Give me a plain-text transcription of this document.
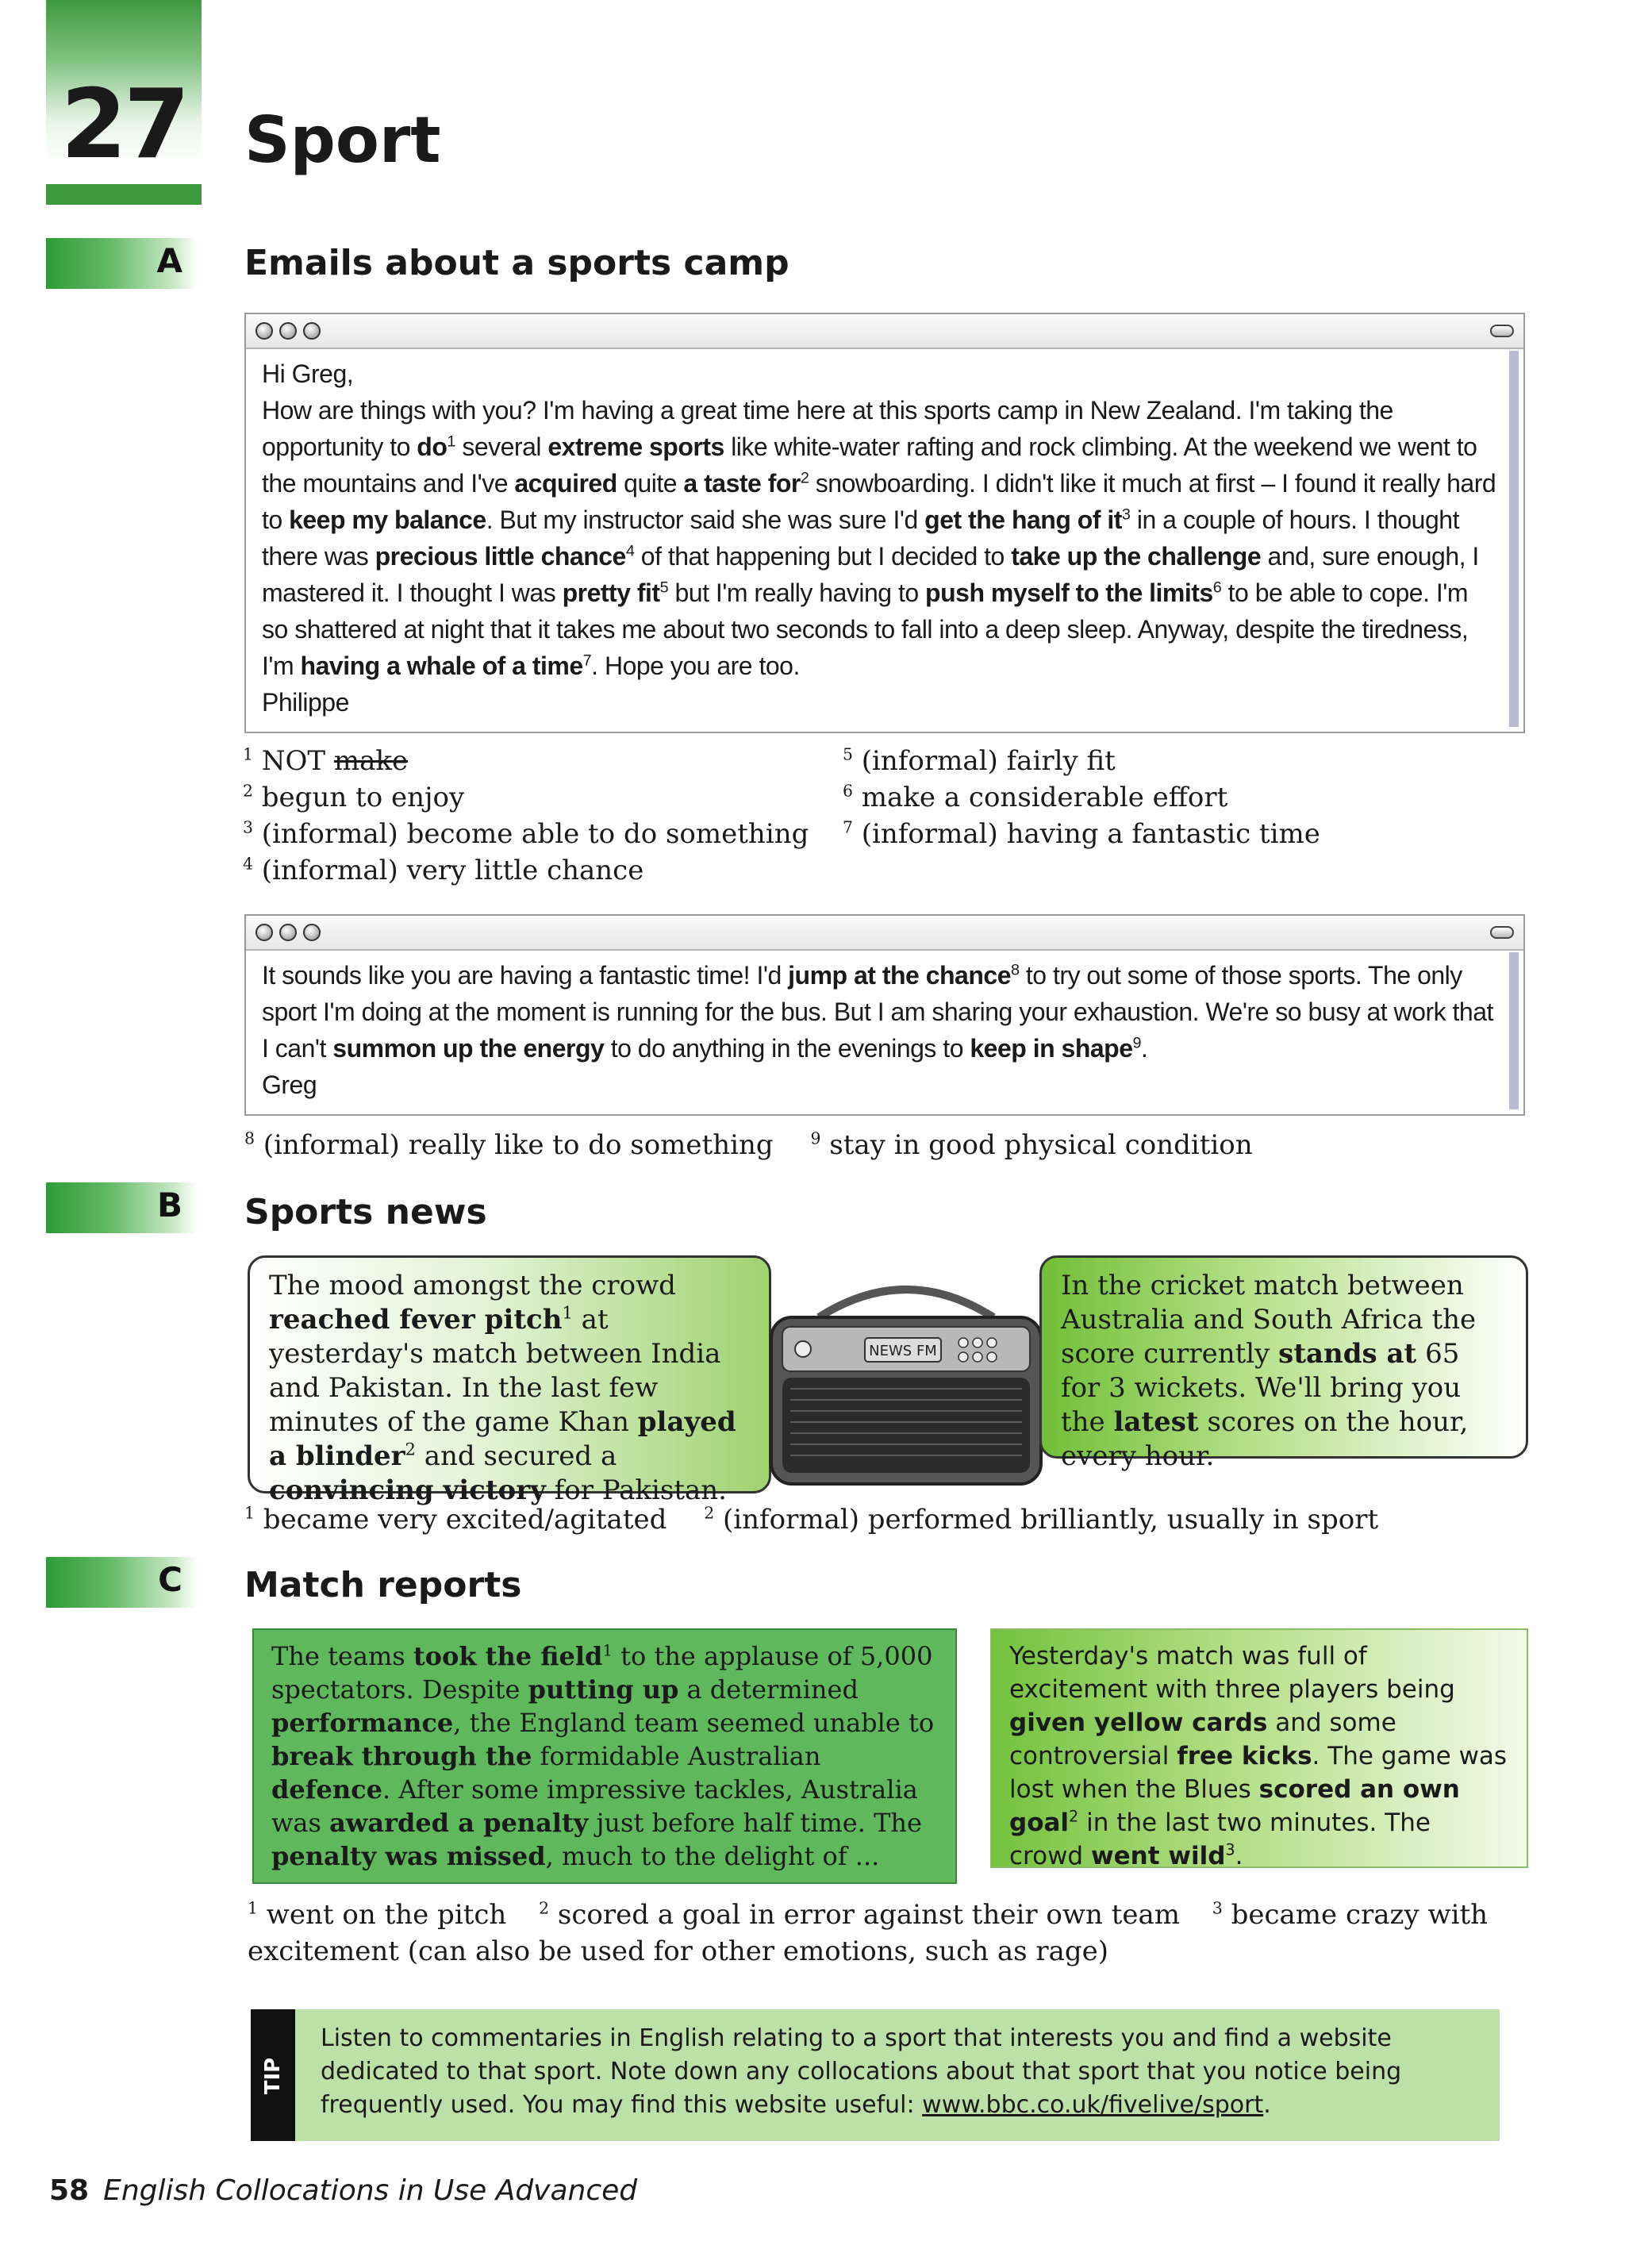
27 Sport
A Emails about a sports camp
Hi Greg,
How are things with you? I'm having a great time here at this sports camp in New Zealand. I'm taking the opportunity to $do^1$ several extreme sports like white-water rafting and rock climbing. At the weekend we went to the mountains and I've acquired quite a taste for$^2$ snowboarding. I didn't like it much at first – I found it really hard to keep my balance. But my instructor said she was sure I'd get the hang of $it^3$ in a couple of hours. I thought there was precious little chance$^4$ of that happening but I decided to take up the challenge and, sure enough, I mastered it. I thought I was pretty fit$^5$ but I'm really having to push myself to the limits$^6$ to be able to cope. I'm so shattered at night that it takes me about two seconds to fall into a deep sleep. Anyway, despite the tiredness, I'm having a whale of a time$^7$. Hope you are too.
Philippe
$^1$ NOT make
$^2$ begun to enjoy
$^3$ (informal) become able to do something
$^4$ (informal) very little chance
$^5$ (informal) fairly fit
$^6$ make a considerable effort
$^7$ (informal) having a fantastic time
It sounds like you are having a fantastic time! I'd jump at the chance$^8$ to try out some of those sports. The only sport I'm doing at the moment is running for the bus. But I am sharing your exhaustion. We're so busy at work that I can't summon up the energy to do anything in the evenings to keep in shape$^9$.
Greg
$^8$ (informal) really like to do something $^9$ stay in good physical condition
B Sports news
The mood amongst the crowd reached fever pitch$^1$ at yesterday's match between India and Pakistan. In the last few minutes of the game Khan played a blinder$^2$ and secured a convincing victory for Pakistan.
NEWS FM
In the cricket match between Australia and South Africa the score currently stands at 65 for 3 wickets. We'll bring you the latest scores on the hour, every hour.
$^1$ became very excited/agitated $^2$ (informal) performed brilliantly, usually in sport
C Match reports
The teams took the field$^1$ to the applause of 5,000 spectators. Despite putting up a determined performance, the England team seemed unable to break through the formidable Australian defence. After some impressive tackles, Australia was awarded a penalty just before half time. The penalty was missed, much to the delight of ...
Yesterday's match was full of excitement with three players being given yellow cards and some controversial free kicks. The game was lost when the Blues scored an own goal$^2$ in the last two minutes. The crowd went wild$^3$.
$^1$ went on the pitch $^2$ scored a goal in error against their own team $^3$ became crazy with excitement (can also be used for other emotions, such as rage)
TIP
Listen to commentaries in English relating to a sport that interests you and find a website dedicated to that sport. Note down any collocations about that sport that you notice being frequently used. You may find this website useful: www.bbc.co.uk/fivelive/sport.
58 English Collocations in Use Advanced
